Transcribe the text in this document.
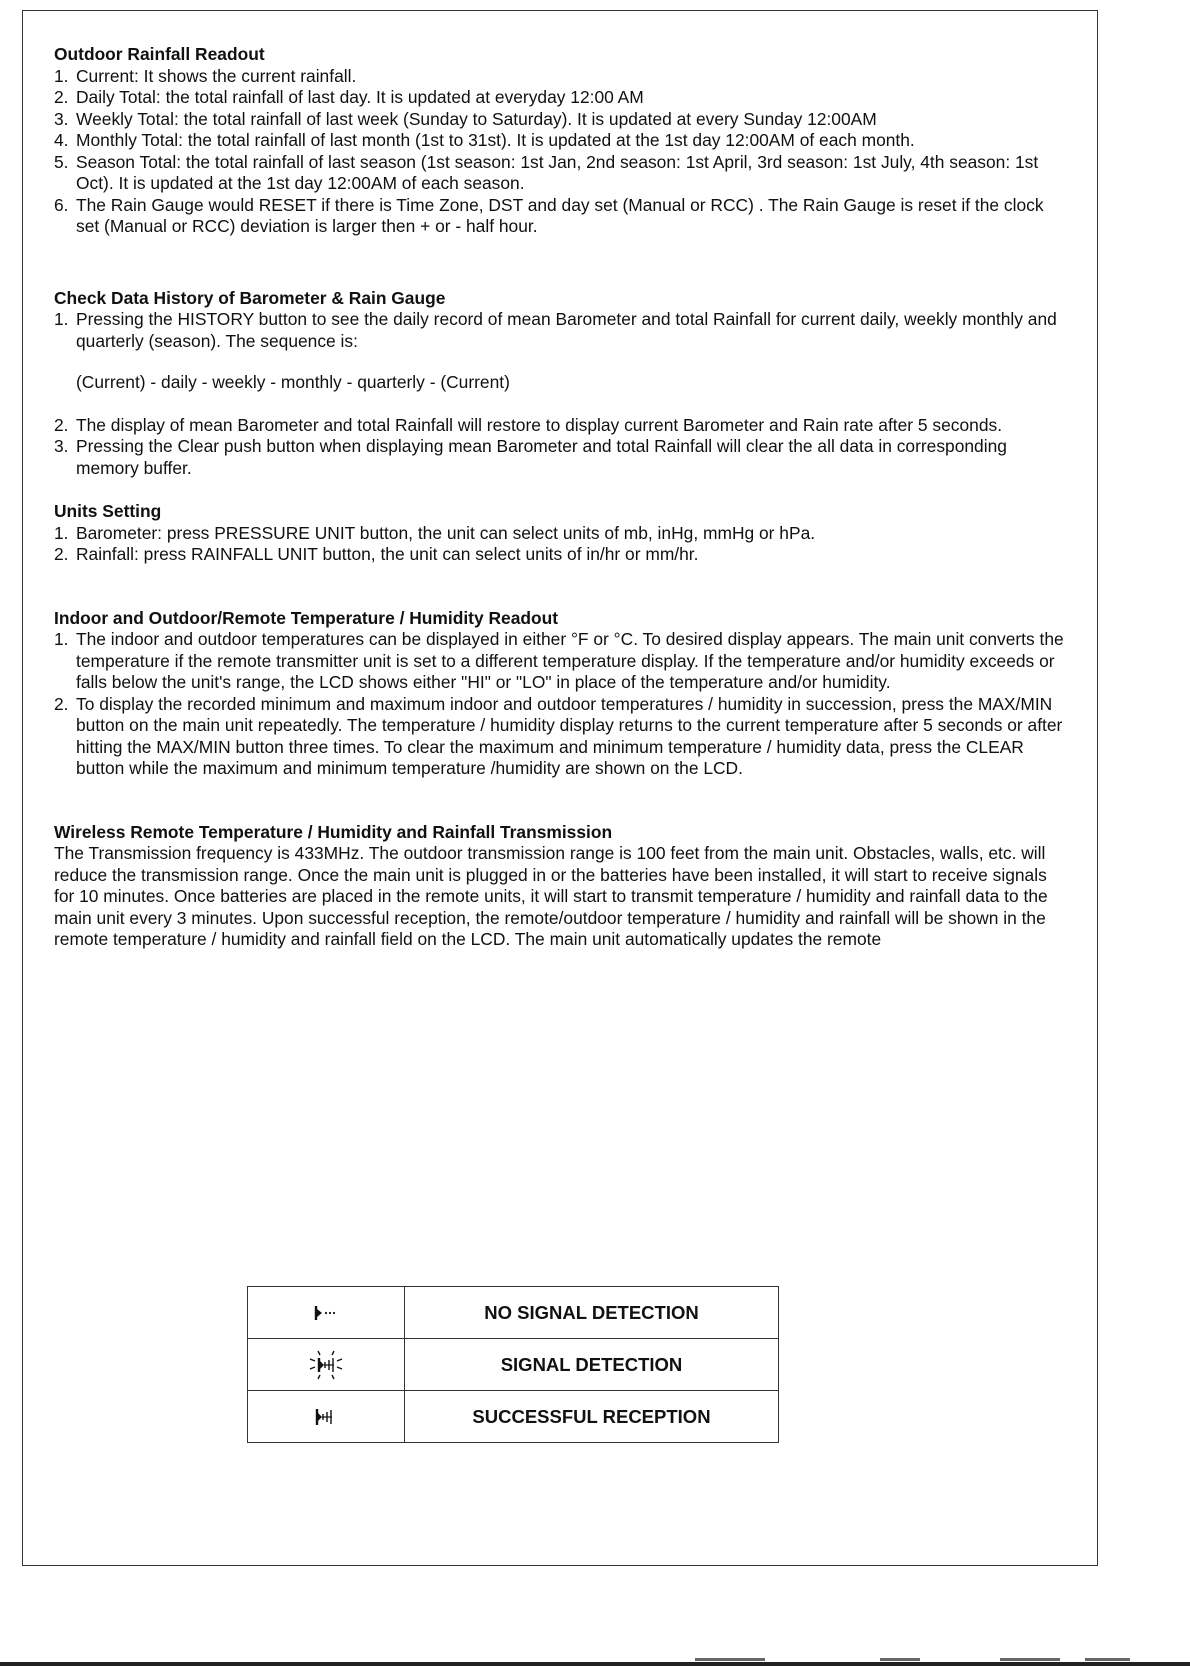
Outdoor Rainfall Readout
1. Current: It shows the current rainfall.
2. Daily Total: the total rainfall of last day. It is updated at everyday 12:00 AM
3. Weekly Total: the total rainfall of last week (Sunday to Saturday). It is updated at every Sunday 12:00AM
4. Monthly Total: the total rainfall of last month (1st to 31st). It is updated at the 1st day 12:00AM of each month.
5. Season Total: the total rainfall of last season (1st season: 1st Jan, 2nd season: 1st April, 3rd season: 1st July, 4th season: 1st Oct). It is updated at the 1st day 12:00AM of each season.
6. The Rain Gauge would RESET if there is Time Zone, DST and day set (Manual or RCC) . The Rain Gauge is reset if the clock set (Manual or RCC) deviation is larger then + or - half hour.
Check Data History of Barometer & Rain Gauge
1. Pressing the HISTORY button to see the daily record of mean Barometer and total Rainfall for current daily, weekly monthly and quarterly (season). The sequence is:
(Current) - daily - weekly - monthly - quarterly - (Current)
2. The display of mean Barometer and total Rainfall will restore to display current Barometer and Rain rate after 5 seconds.
3. Pressing the Clear push button when displaying mean Barometer and total Rainfall will clear the all data in corresponding memory buffer.
Units Setting
1. Barometer: press PRESSURE UNIT button, the unit can select units of mb, inHg, mmHg or hPa.
2. Rainfall: press RAINFALL UNIT button, the unit can select units of in/hr or mm/hr.
Indoor and Outdoor/Remote Temperature / Humidity Readout
1. The indoor and outdoor temperatures can be displayed in either °F or °C. To desired display appears. The main unit converts the temperature if the remote transmitter unit is set to a different temperature display. If the temperature and/or humidity exceeds or falls below the unit's range, the LCD shows either "HI" or "LO" in place of the temperature and/or humidity.
2. To display the recorded minimum and maximum indoor and outdoor temperatures / humidity in succession, press the MAX/MIN button on the main unit repeatedly. The temperature / humidity display returns to the current temperature after 5 seconds or after hitting the MAX/MIN button three times. To clear the maximum and minimum temperature / humidity data, press the CLEAR button while the maximum and minimum temperature /humidity are shown on the LCD.
Wireless Remote Temperature / Humidity and Rainfall Transmission

The Transmission frequency is 433MHz. The outdoor transmission range is 100 feet from the main unit. Obstacles, walls, etc. will reduce the transmission range. Once the main unit is plugged in or the batteries have been installed, it will start to receive signals for 10 minutes. Once batteries are placed in the remote units, it will start to transmit temperature / humidity and rainfall data to the main unit every 3 minutes. Upon successful reception, the remote/outdoor temperature / humidity and rainfall will be shown in the remote temperature / humidity and rainfall field on the LCD. The main unit automatically updates the remote

	NO SIGNAL DETECTION
	SIGNAL DETECTION
	SUCCESSFUL RECEPTION
